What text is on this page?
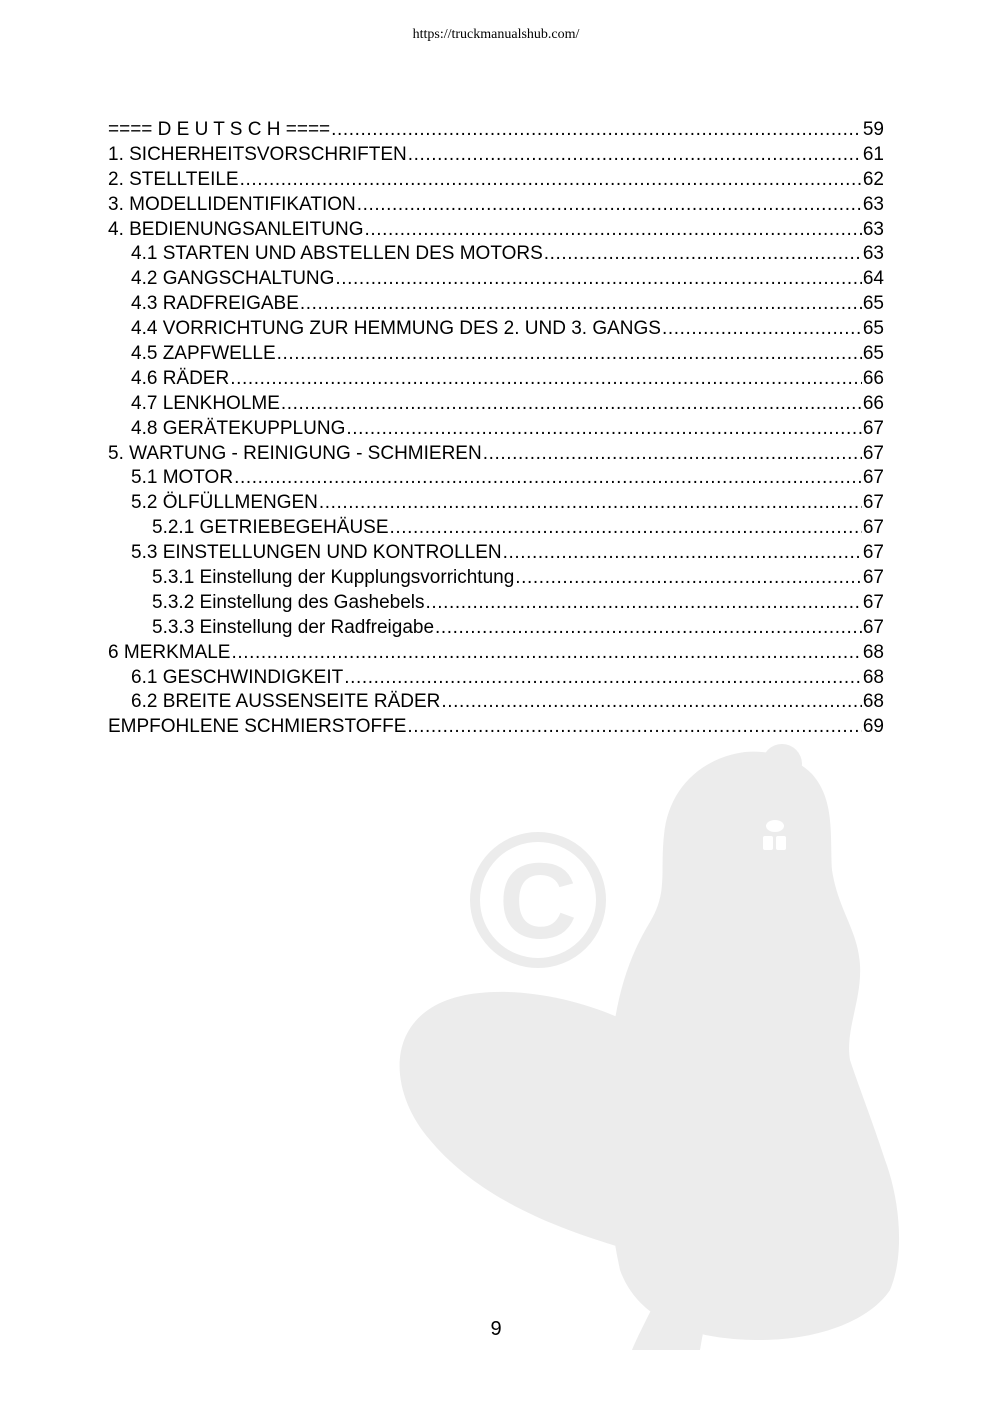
https://truckmanualshub.com/
C
==== D E U T S C H ==== .....	59
1. SICHERHEITSVORSCHRIFTEN .....	61
2. STELLTEILE .....	62
3. MODELLIDENTIFIKATION .....	63
4. BEDIENUNGSANLEITUNG .....	63
4.1 STARTEN UND ABSTELLEN DES MOTORS .....	63
4.2 GANGSCHALTUNG .....	64
4.3 RADFREIGABE .....	65
4.4 VORRICHTUNG ZUR HEMMUNG DES 2. UND 3. GANGS .....	65
4.5 ZAPFWELLE .....	65
4.6 RÄDER .....	66
4.7 LENKHOLME .....	66
4.8 GERÄTEKUPPLUNG .....	67
5. WARTUNG - REINIGUNG - SCHMIEREN .....	67
5.1 MOTOR .....	67
5.2 ÖLFÜLLMENGEN .....	67
5.2.1 GETRIEBEGEHÄUSE .....	67
5.3 EINSTELLUNGEN UND KONTROLLEN .....	67
5.3.1 Einstellung der Kupplungsvorrichtung .....	67
5.3.2 Einstellung des Gashebels .....	67
5.3.3 Einstellung der Radfreigabe .....	67
6 MERKMALE .....	68
6.1 GESCHWINDIGKEIT .....	68
6.2 BREITE AUSSENSEITE RÄDER .....	68
EMPFOHLENE SCHMIERSTOFFE .....	69
9
